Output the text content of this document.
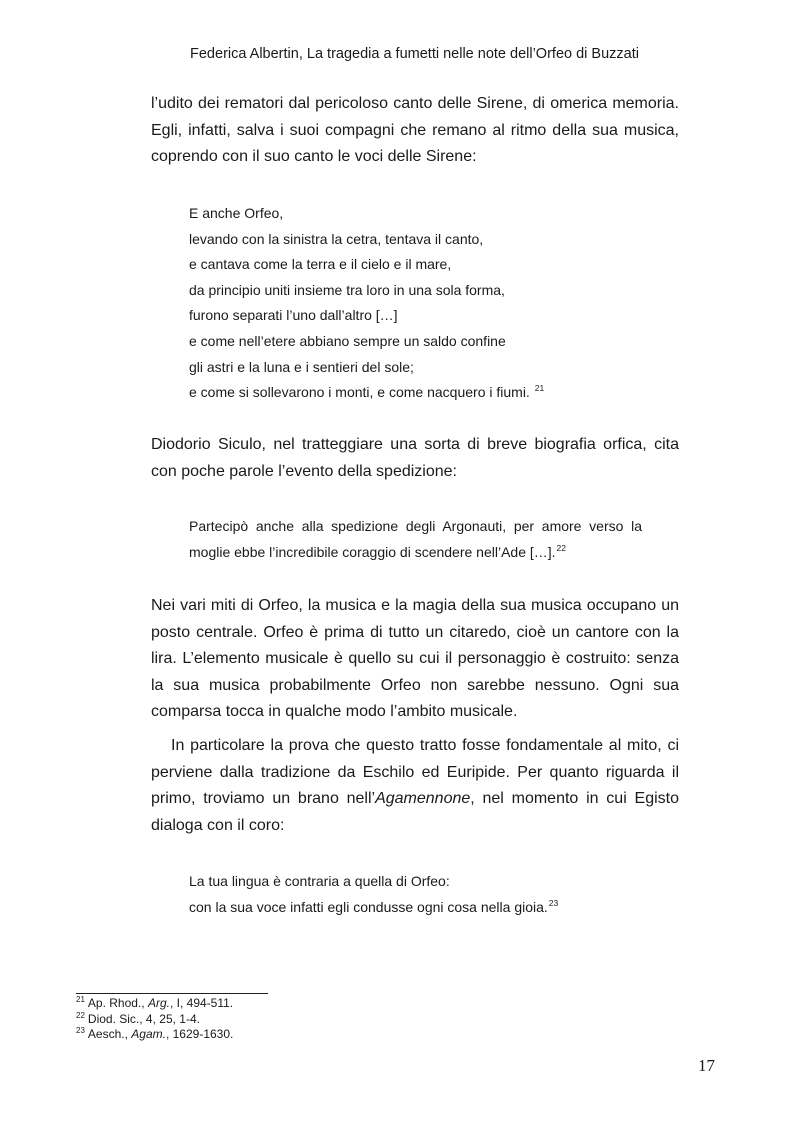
Federica Albertin, La tragedia a fumetti nelle note dell’Orfeo di Buzzati
l’udito dei rematori dal pericoloso canto delle Sirene, di omerica memoria.
Egli, infatti, salva i suoi compagni che remano al ritmo della sua musica,
coprendo con il suo canto le voci delle Sirene:
E anche Orfeo,
levando con la sinistra la cetra, tentava il canto,
e cantava come la terra e il cielo e il mare,
da principio uniti insieme tra loro in una sola forma,
furono separati l’uno dall’altro […]
e come nell’etere abbiano sempre un saldo confine
gli astri e la luna e i sentieri del sole;
e come si sollevarono i monti, e come nacquero i fiumi. $^{21}$
Diodorio Siculo, nel tratteggiare una sorta di breve biografia orfica, cita
con poche parole l’evento della spedizione:
Partecipò anche alla spedizione degli Argonauti, per amore verso la
moglie ebbe l’incredibile coraggio di scendere nell’Ade […].$^{22}$
Nei vari miti di Orfeo, la musica e la magia della sua musica occupano un
posto centrale. Orfeo è prima di tutto un citaredo, cioè un cantore con la
lira. L’elemento musicale è quello su cui il personaggio è costruito: senza
la sua musica probabilmente Orfeo non sarebbe nessuno. Ogni sua
comparsa tocca in qualche modo l’ambito musicale.
In particolare la prova che questo tratto fosse fondamentale al mito, ci
perviene dalla tradizione da Eschilo ed Euripide. Per quanto riguarda il
primo, troviamo un brano nell’Agamennone, nel momento in cui Egisto
dialoga con il coro:
La tua lingua è contraria a quella di Orfeo:
con la sua voce infatti egli condusse ogni cosa nella gioia.$^{23}$
$^{21}$ Ap. Rhod., Arg., I, 494-511.
$^{22}$ Diod. Sic., 4, 25, 1-4.
$^{23}$ Aesch., Agam., 1629-1630.
17
